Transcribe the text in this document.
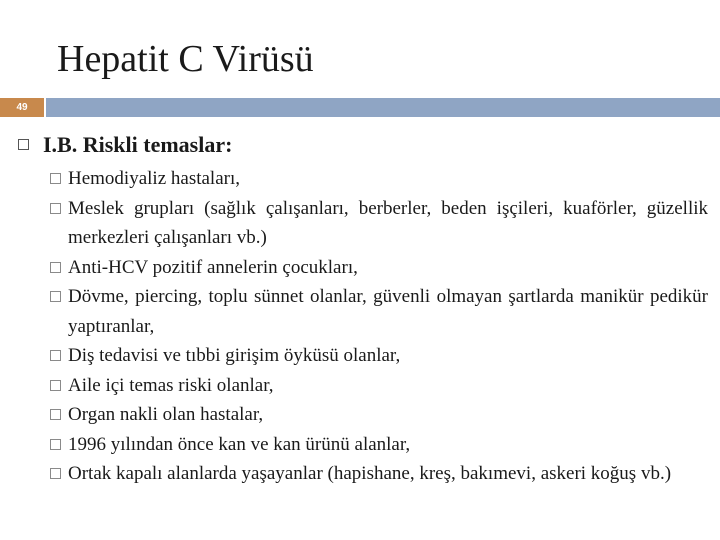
Hepatit C Virüsü
49
I.B. Riskli temaslar:
Hemodiyaliz hastaları,
Meslek grupları (sağlık çalışanları, berberler, beden işçileri, kuaförler, güzellik merkezleri çalışanları vb.)
Anti-HCV pozitif annelerin çocukları,
Dövme, piercing, toplu sünnet olanlar, güvenli olmayan şartlarda manikür pedikür yaptıranlar,
Diş tedavisi ve tıbbi girişim öyküsü olanlar,
Aile içi temas riski olanlar,
Organ nakli olan hastalar,
1996 yılından önce kan ve kan ürünü alanlar,
Ortak kapalı alanlarda yaşayanlar (hapishane, kreş, bakımevi, askeri koğuş vb.)
